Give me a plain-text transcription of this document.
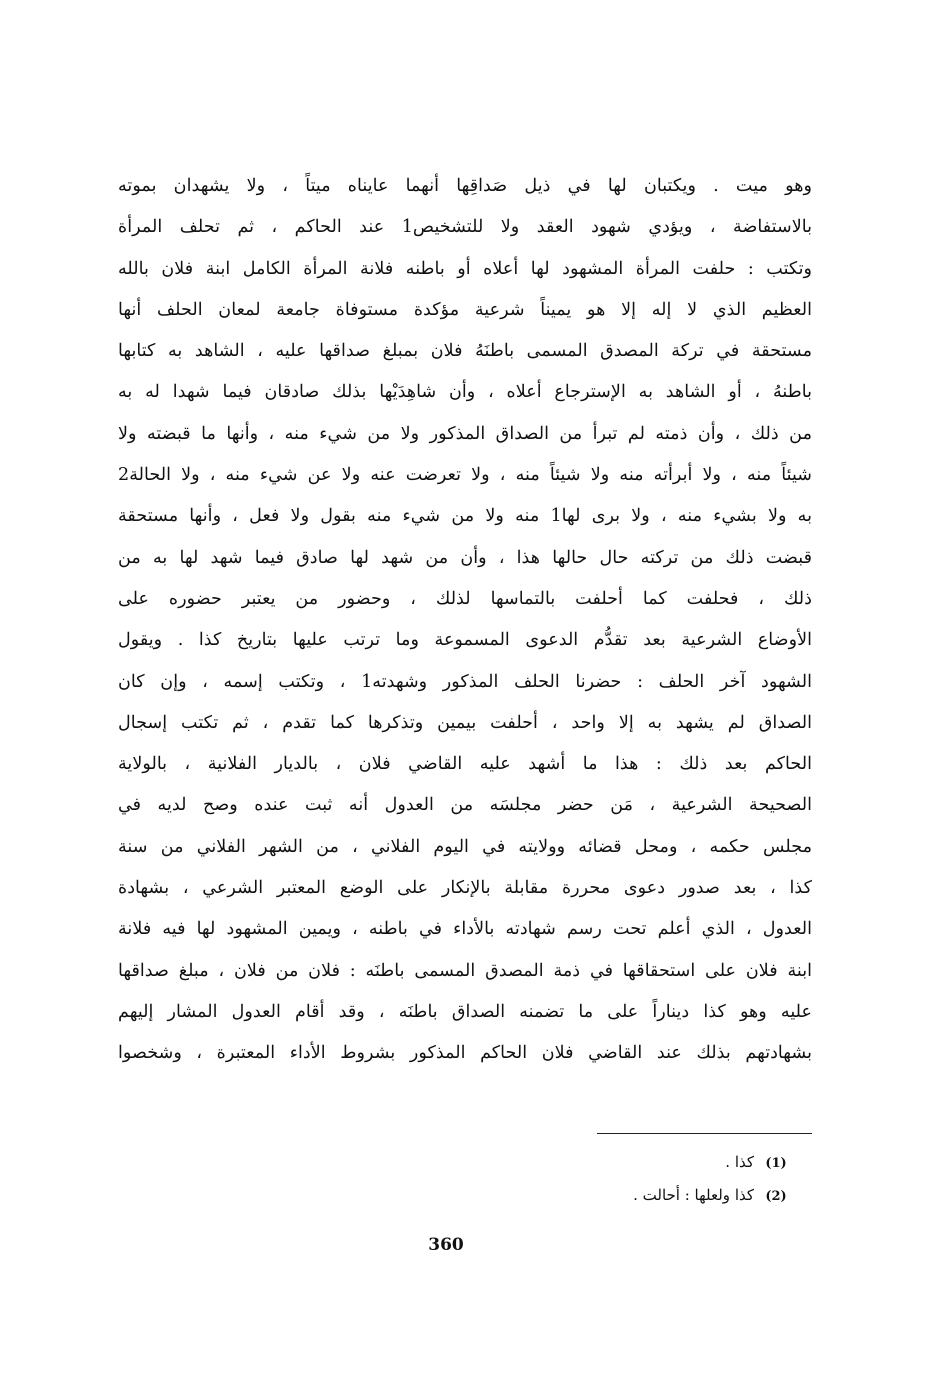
وهو ميت . ويكتبان لها في ذيل صَداقِها أنهما عايناه ميتاً ، ولا يشهدان بموته
بالاستفاضة ، ويؤدي شهود العقد ولا للتشخيص1 عند الحاكم ، ثم تحلف المرأة
وتكتب : حلفت المرأة المشهود لها أعلاه أو باطنه فلانة المرأة الكامل ابنة فلان بالله
العظيم الذي لا إله إلا هو يميناً شرعية مؤكدة مستوفاة جامعة لمعان الحلف أنها
مستحقة في تركة المصدق المسمى باطنَهُ فلان بمبلغ صداقها عليه ، الشاهد به كتابها
باطنهُ ، أو الشاهد به الإسترجاع أعلاه ، وأن شاهِدَيْها بذلك صادقان فيما شهدا له به
من ذلك ، وأن ذمته لم تبرأ من الصداق المذكور ولا من شيء منه ، وأنها ما قبضته ولا
شيئاً منه ، ولا أبرأته منه ولا شيئاً منه ، ولا تعرضت عنه ولا عن شيء منه ، ولا الحالة2
به ولا بشيء منه ، ولا برى لها1 منه ولا من شيء منه بقول ولا فعل ، وأنها مستحقة
قبضت ذلك من تركته حال حالها هذا ، وأن من شهد لها صادق فيما شهد لها به من
ذلك ، فحلفت كما أحلفت بالتماسها لذلك ، وحضور من يعتبر حضوره على
الأوضاع الشرعية بعد تقدُّم الدعوى المسموعة وما ترتب عليها بتاريخ كذا . ويقول
الشهود آخر الحلف : حضرنا الحلف المذكور وشهدته1 ، وتكتب إسمه ، وإن كان
الصداق لم يشهد به إلا واحد ، أحلفت بيمين وتذكرها كما تقدم ، ثم تكتب إسجال
الحاكم بعد ذلك : هذا ما أشهد عليه القاضي فلان ، بالديار الفلانية ، بالولاية
الصحيحة الشرعية ، مَن حضر مجلسَه من العدول أنه ثبت عنده وصح لديه في
مجلس حكمه ، ومحل قضائه وولايته في اليوم الفلاني ، من الشهر الفلاني من سنة
كذا ، بعد صدور دعوى محررة مقابلة بالإنكار على الوضع المعتبر الشرعي ، بشهادة
العدول ، الذي أعلم تحت رسم شهادته بالأداء في باطنه ، ويمين المشهود لها فيه فلانة
ابنة فلان على استحقاقها في ذمة المصدق المسمى باطنَه : فلان من فلان ، مبلغ صداقها
عليه وهو كذا ديناراً على ما تضمنه الصداق باطنَه ، وقد أقام العدول المشار إليهم
بشهادتهم بذلك عند القاضي فلان الحاكم المذكور بشروط الأداء المعتبرة ، وشخصوا
(1)كذا .
(2)كذا ولعلها : أحالت .
360
